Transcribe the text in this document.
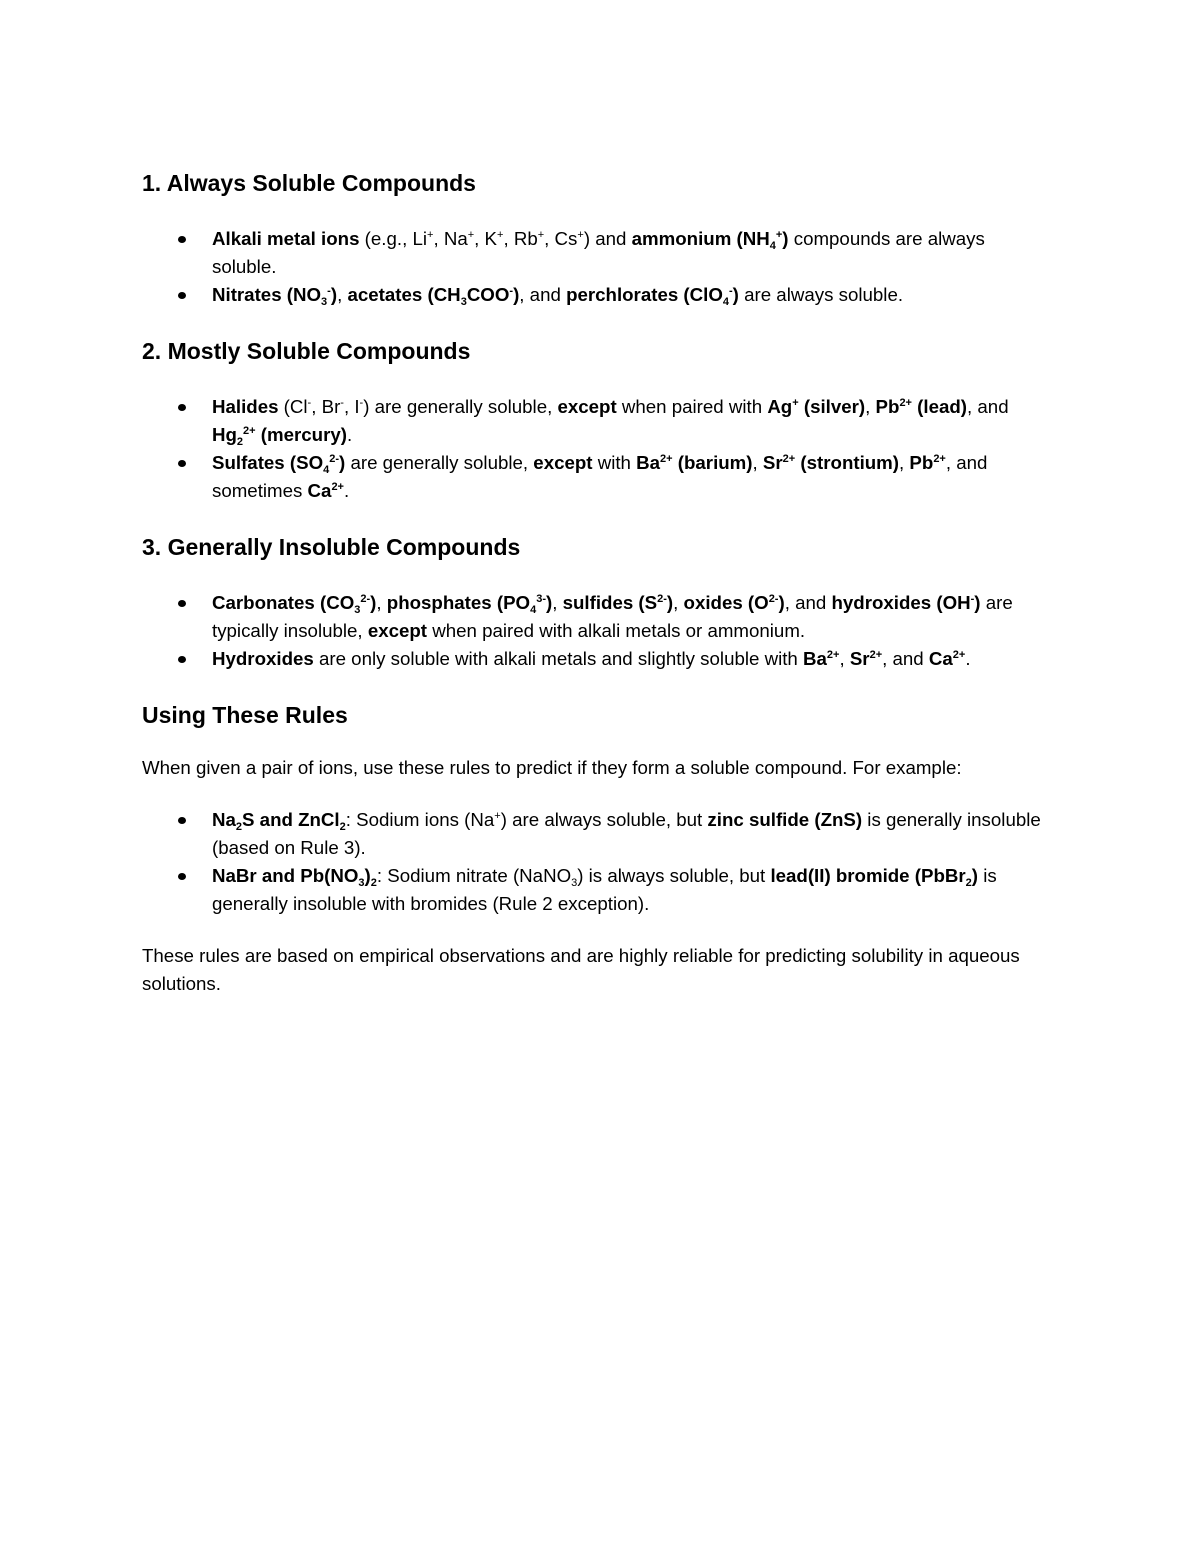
1. Always Soluble Compounds
Alkali metal ions (e.g., Li+, Na+, K+, Rb+, Cs+) and ammonium $(NH_4^+)$ compounds are always soluble.
Nitrates $(NO_3^-)$, acetates $(CH_3COO^-)$, and perchlorates (ClO$_4$-) are always soluble.
2. Mostly Soluble Compounds
Halides (Cl-, Br-, I-) are generally soluble, except when paired with Ag+ (silver), $Pb^{2+}$ (lead), and $Hg_2^{2+}$ (mercury).
Sulfates $(SO_4^{2-})$ are generally soluble, except with $Ba^{2+}$ (barium), $Sr^{2+}$ (strontium), $Pb^{2+}$, and sometimes $Ca^{2+}$.
3. Generally Insoluble Compounds
Carbonates $(CO_3^{2-})$, phosphates $(PO_4^{3-})$, sulfides $(S^{2-})$, oxides $(O^{2-})$, and hydroxides (OH-) are typically insoluble, except when paired with alkali metals or ammonium.
Hydroxides are only soluble with alkali metals and slightly soluble with $Ba^{2+}$, $Sr^{2+}$, and $Ca^{2+}$.
Using These Rules

When given a pair of ions, use these rules to predict if they form a soluble compound. For example:

$Na_2S$ and ZnCl$_2$: Sodium ions (Na+) are always soluble, but zinc sulfide (ZnS) is generally insoluble (based on Rule 3).
NaBr and $Pb(NO_3)_2$: Sodium nitrate (NaNO$_3$) is always soluble, but lead(II) bromide (PbBr$_2$) is generally insoluble with bromides (Rule 2 exception).

These rules are based on empirical observations and are highly reliable for predicting solubility in aqueous solutions.
